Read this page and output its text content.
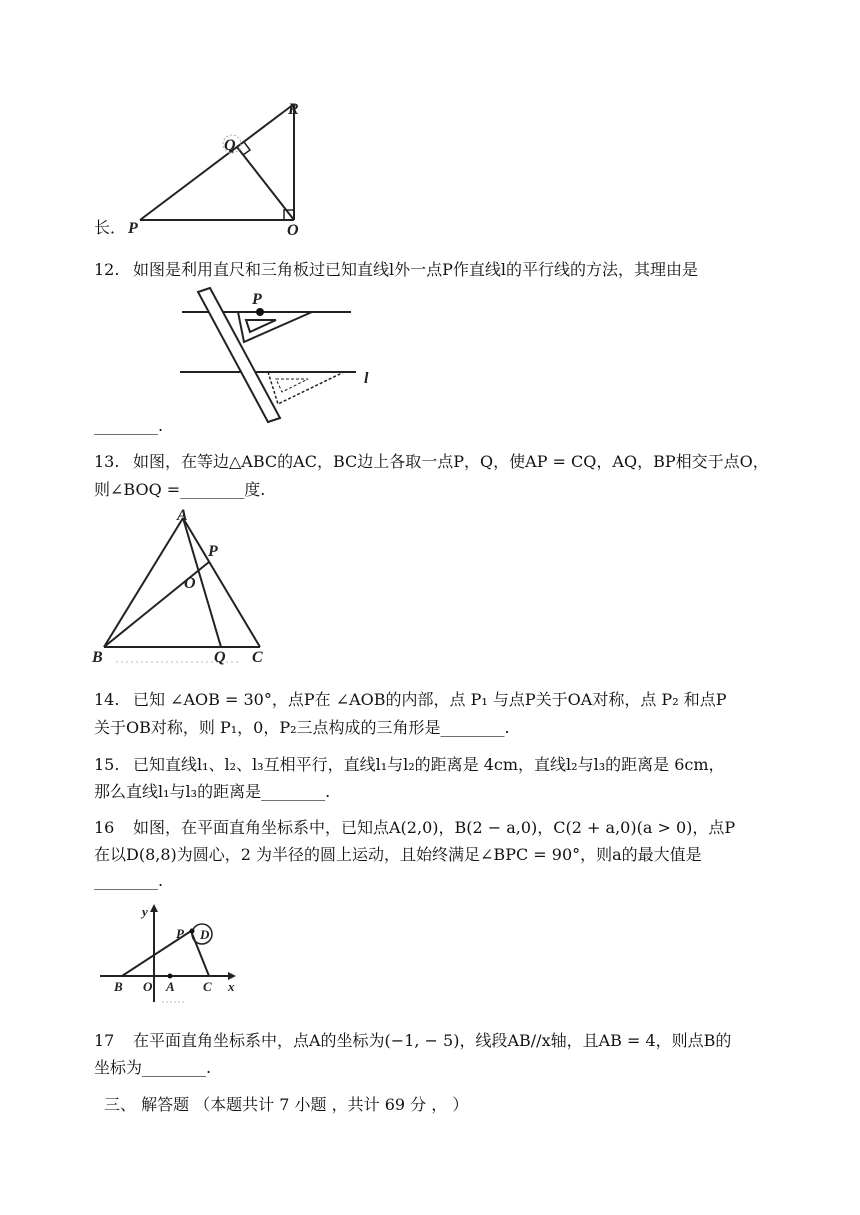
R
Q
P	O
长．
12. 如图是利用直尺和三角板过已知直线l外一点P作直线l的平行线的方法，其理由是
P
l
________.
13. 如图，在等边△ABC的AC，BC边上各取一点P，Q，使AP = CQ，AQ，BP相交于点O，
则∠BOQ =________度.
A
P
O
B	Q C
14. 已知 ∠AOB = 30°，点P在 ∠AOB的内部，点 P₁ 与点P关于OA对称，点 P₂ 和点P
关于OB对称，则 P₁，0，P₂三点构成的三角形是________.
15. 已知直线l₁、l₂、l₃互相平行，直线l₁与l₂的距离是 4cm，直线l₂与l₃的距离是 6cm，
那么直线l₁与l₃的距离是________.
16 如图，在平面直角坐标系中，已知点A(2,0)，B(2 − a,0)，C(2 + a,0)(a > 0)，点P
在以D(8,8)为圆心，2 为半径的圆上运动，且始终满足∠BPC = 90°，则a的最大值是
________.
y
P D
B O A C x
17 在平面直角坐标系中，点A的坐标为(−1, − 5)，线段AB//x轴，且AB = 4，则点B的
坐标为________.
三、 解答题 （本题共计 7 小题 ，共计 69 分 ， ）
